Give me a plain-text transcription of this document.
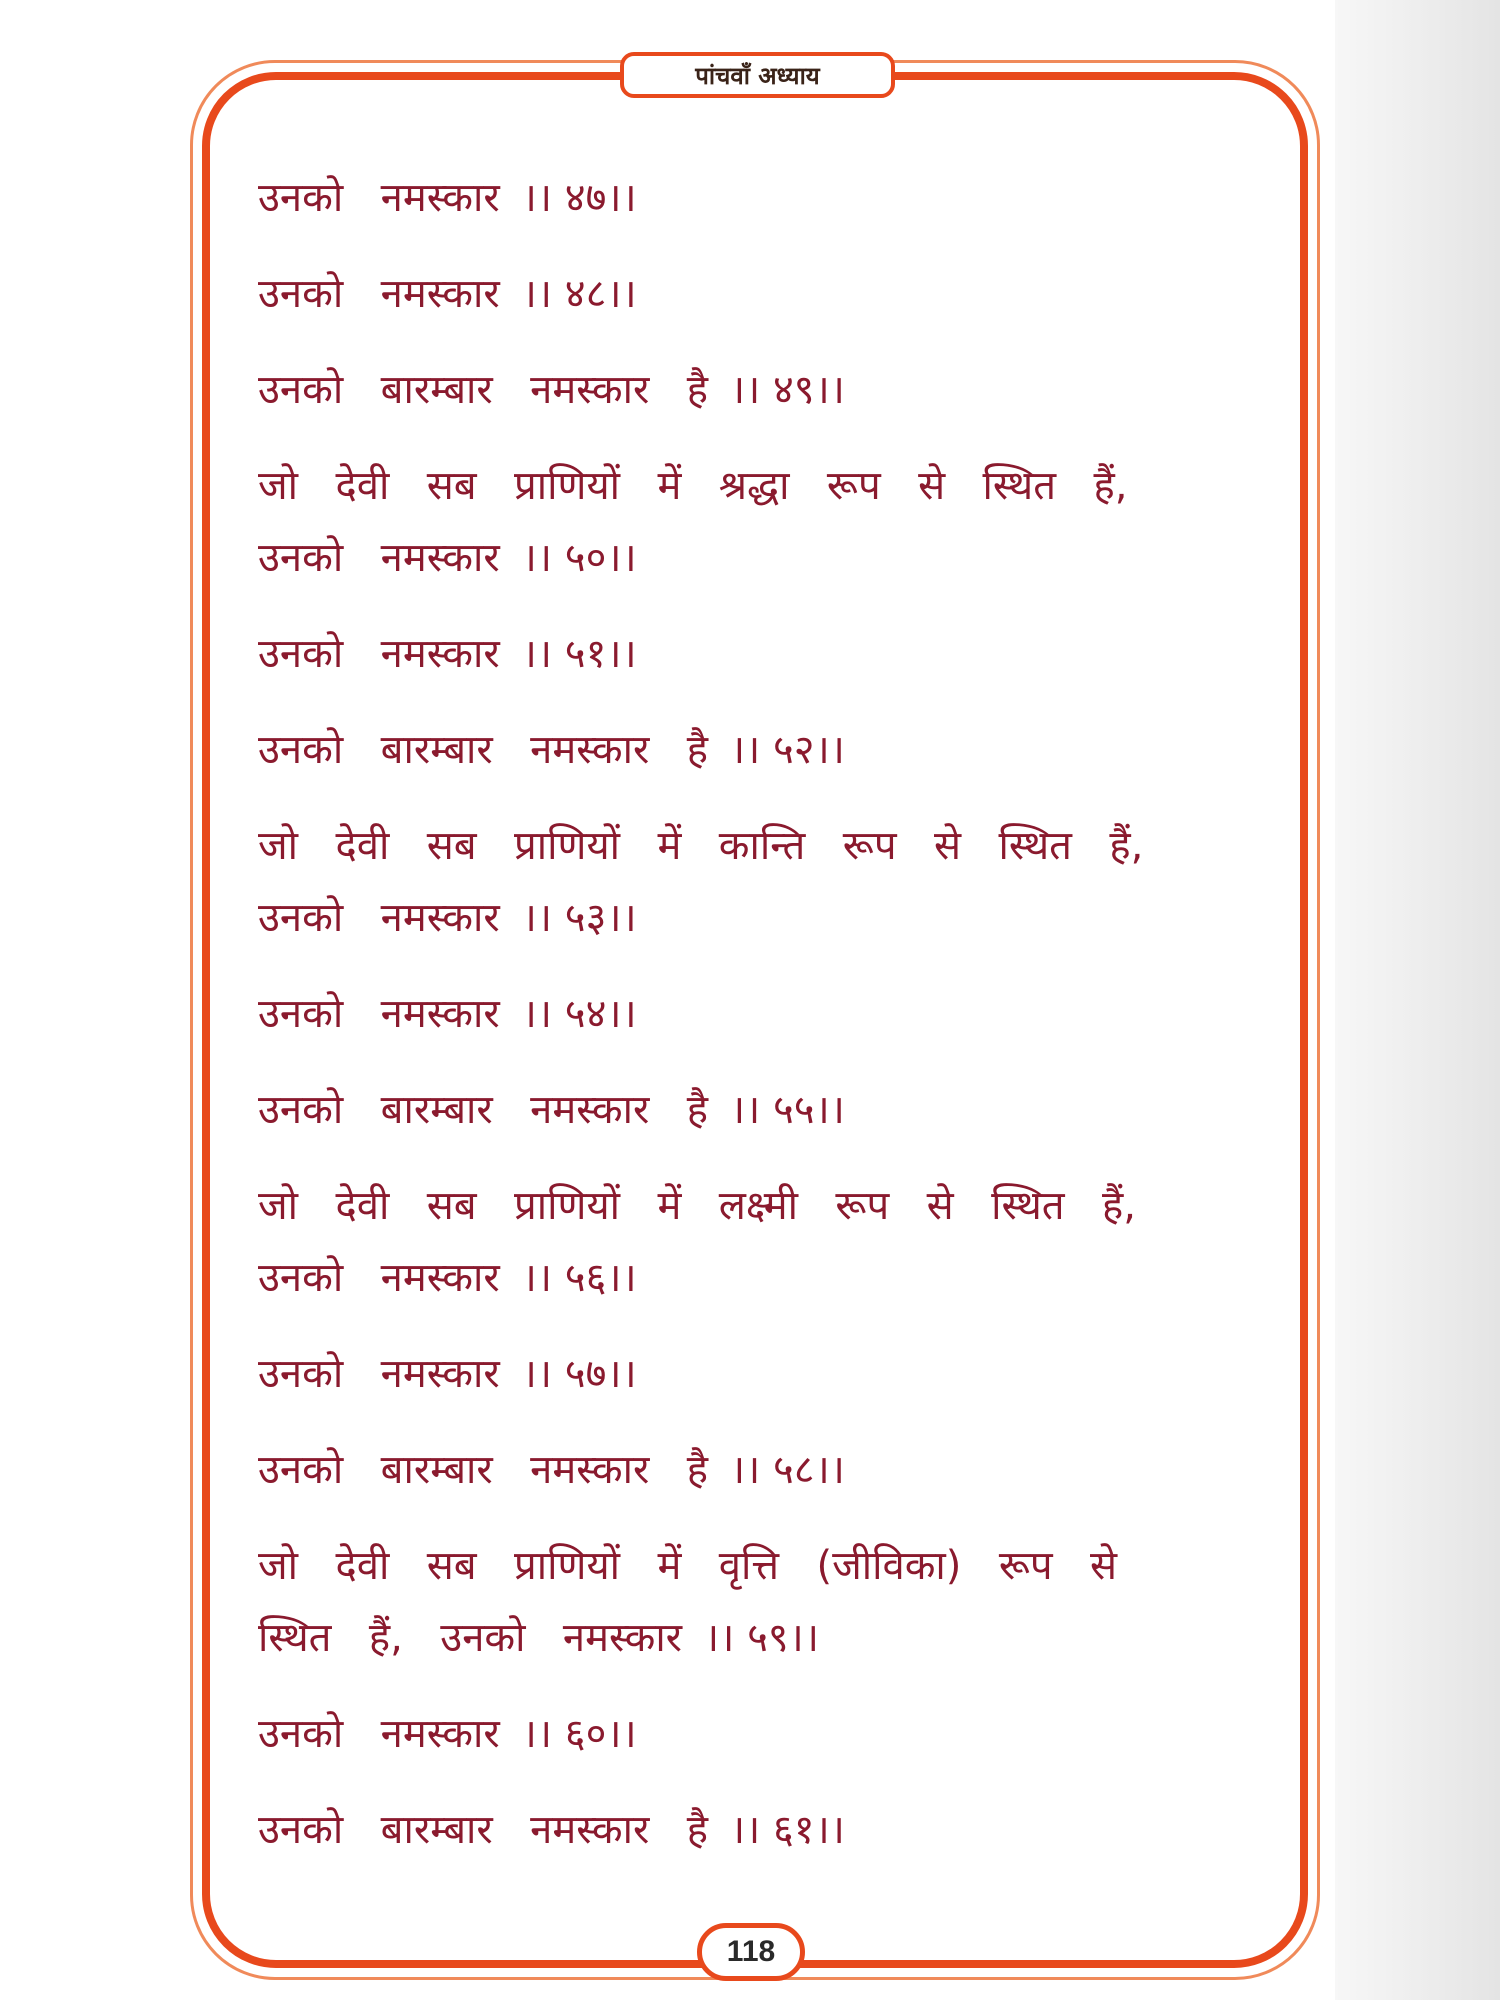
पांचवाँ अध्याय
उनको  नमस्कार ।। ४७।।
उनको  नमस्कार ।। ४८।।
उनको  बारम्बार  नमस्कार  है ।। ४९।।
जो  देवी  सब  प्राणियों  में  श्रद्धा  रूप  से  स्थित  हैं,
उनको  नमस्कार ।। ५०।।
उनको  नमस्कार ।। ५१।।
उनको  बारम्बार  नमस्कार  है ।। ५२।।
जो  देवी  सब  प्राणियों  में  कान्ति  रूप  से  स्थित  हैं,
उनको  नमस्कार ।। ५३।।
उनको  नमस्कार ।। ५४।।
उनको  बारम्बार  नमस्कार  है ।। ५५।।
जो  देवी  सब  प्राणियों  में  लक्ष्मी  रूप  से  स्थित  हैं,
उनको  नमस्कार ।। ५६।।
उनको  नमस्कार ।। ५७।।
उनको  बारम्बार  नमस्कार  है ।। ५८।।
जो  देवी  सब  प्राणियों  में  वृत्ति  (जीविका)  रूप  से
स्थित  हैं,  उनको  नमस्कार ।। ५९।।
उनको  नमस्कार ।। ६०।।
उनको  बारम्बार  नमस्कार  है ।। ६१।।
118
